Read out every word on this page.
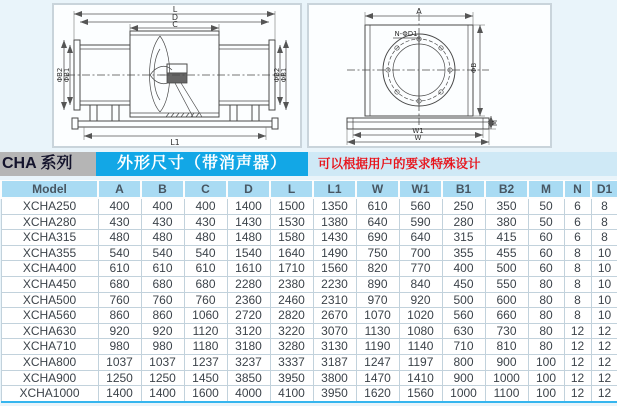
L
D
C
L1
ΦB2 ΦB1	ΦB2 ΦB1
A
N-ΦD1
ΦB
M
W1
W
CHA 系列	外形尺寸（带消声器）	可以根据用户的要求特殊设计
Model	A	B	C	D	L	L1	W	W1	B1	B2	M	N	D1
XCHA250	400	400	400	1400	1500	1350	610	560	250	350	50	6	8
XCHA280	430	430	430	1430	1530	1380	640	590	280	380	50	6	8
XCHA315	480	480	480	1480	1580	1430	690	640	315	415	60	6	8
XCHA355	540	540	540	1540	1640	1490	750	700	355	455	60	8	10
XCHA400	610	610	610	1610	1710	1560	820	770	400	500	60	8	10
XCHA450	680	680	680	2280	2380	2230	890	840	450	550	80	8	10
XCHA500	760	760	760	2360	2460	2310	970	920	500	600	80	8	10
XCHA560	860	860	1060	2720	2820	2670	1070	1020	560	660	80	8	10
XCHA630	920	920	1120	3120	3220	3070	1130	1080	630	730	80	12	12
XCHA710	980	980	1180	3180	3280	3130	1190	1140	710	810	80	12	12
XCHA800	1037	1037	1237	3237	3337	3187	1247	1197	800	900	100	12	12
XCHA900	1250	1250	1450	3850	3950	3800	1470	1410	900	1000	100	12	12
XCHA1000	1400	1400	1600	4000	4100	3950	1620	1560	1000	1100	100	12	12
